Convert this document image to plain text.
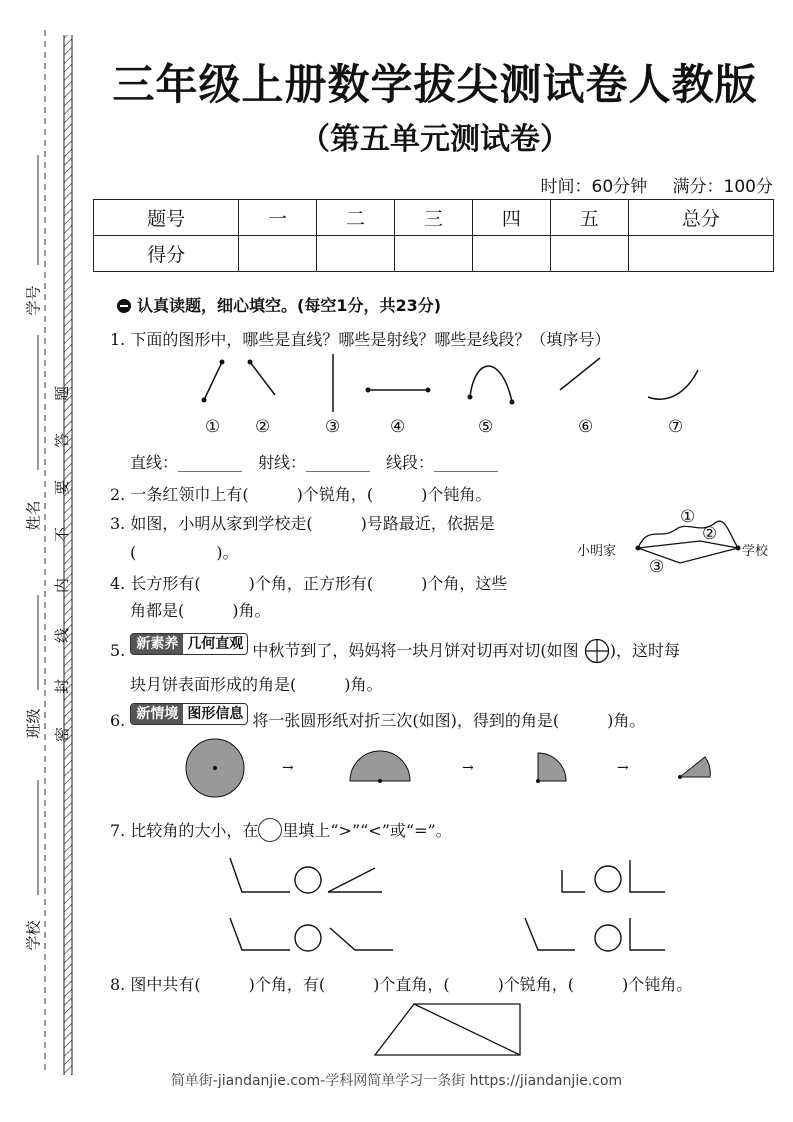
学号
姓名
班级
学校
题
答
要
不
内
线
封
密
三年级上册数学拔尖测试卷人教版
（第五单元测试卷）
时间：60分钟 满分：100分
题号	一	二	三	四	五	总分
得分						
认真读题，细心填空。(每空1分，共23分)
1. 下面的图形中，哪些是直线？哪些是射线？哪些是线段？（填序号）
① ②	③	④	⑤	⑥	⑦
直线：________　射线：________　线段：________
2. 一条红领巾上有(　　　)个锐角，(　　　)个钝角。
3. 如图，小明从家到学校走(　　　)号路最近，依据是
(　　　　　)。	小明家	学校
①
②
③
4. 长方形有(　　　)个角，正方形有(　　　)个角，这些
角都是(　　　)角。
5. 新素养 几何直观 中秋节到了，妈妈将一块月饼对切再对切(如图 )，这时每
块月饼表面形成的角是(　　　)角。
6. 新情境 图形信息 将一张圆形纸对折三次(如图)，得到的角是(　　　)角。
→	→	→
7. 比较角的大小，在 里填上“>”“<”或“=”。
8. 图中共有(　　　)个角，有(　　　)个直角，(　　　)个锐角，(　　　)个钝角。
简单街-jiandanjie.com-学科网简单学习一条街 https://jiandanjie.com
